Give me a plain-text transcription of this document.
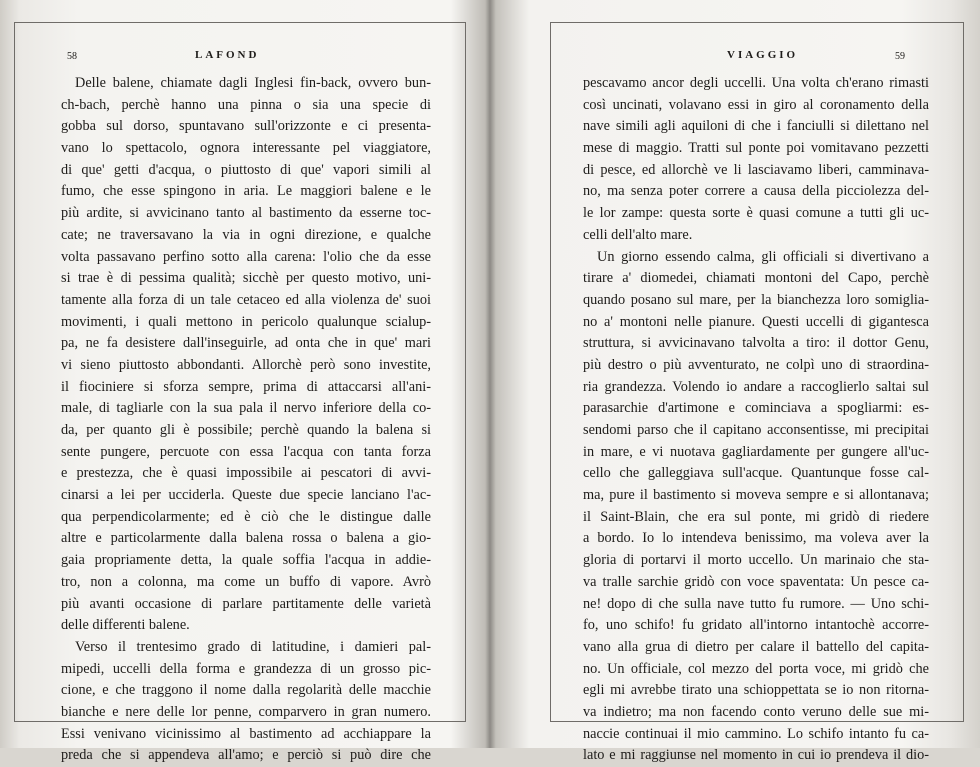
58	LAFOND
Delle balene, chiamate dagli Inglesi fin-back, ovvero bun-
ch-bach, perchè hanno una pinna o sia una specie di
gobba sul dorso, spuntavano sull'orizzonte e ci presenta-
vano lo spettacolo, ognora interessante pel viaggiatore,
di que' getti d'acqua, o piuttosto di que' vapori simili al
fumo, che esse spingono in aria. Le maggiori balene e le
più ardite, si avvicinano tanto al bastimento da esserne toc-
cate; ne traversavano la via in ogni direzione, e qualche
volta passavano perfino sotto alla carena: l'olio che da esse
si trae è di pessima qualità; sicchè per questo motivo, uni-
tamente alla forza di un tale cetaceo ed alla violenza de' suoi
movimenti, i quali mettono in pericolo qualunque scialup-
pa, ne fa desistere dall'inseguirle, ad onta che in que' mari
vi sieno piuttosto abbondanti. Allorchè però sono investite,
il fiociniere si sforza sempre, prima di attaccarsi all'ani-
male, di tagliarle con la sua pala il nervo inferiore della co-
da, per quanto gli è possibile; perchè quando la balena si
sente pungere, percuote con essa l'acqua con tanta forza
e prestezza, che è quasi impossibile ai pescatori di avvi-
cinarsi a lei per ucciderla. Queste due specie lanciano l'ac-
qua perpendicolarmente; ed è ciò che le distingue dalle
altre e particolarmente dalla balena rossa o balena a gio-
gaia propriamente detta, la quale soffia l'acqua in addie-
tro, non a colonna, ma come un buffo di vapore. Avrò
più avanti occasione di parlare partitamente delle varietà
delle differenti balene.
Verso il trentesimo grado di latitudine, i damieri pal-
mipedi, uccelli della forma e grandezza di un grosso pic-
cione, e che traggono il nome dalla regolarità delle macchie
bianche e nere delle lor penne, comparvero in gran numero.
Essi venivano vicinissimo al bastimento ad acchiappare la
preda che si appendeva all'amo; e perciò si può dire che
VIAGGIO	59
pescavamo ancor degli uccelli. Una volta ch'erano rimasti
così uncinati, volavano essi in giro al coronamento della
nave simili agli aquiloni di che i fanciulli si dilettano nel
mese di maggio. Tratti sul ponte poi vomitavano pezzetti
di pesce, ed allorchè ve li lasciavamo liberi, camminava-
no, ma senza poter correre a causa della picciolezza del-
le lor zampe: questa sorte è quasi comune a tutti gli uc-
celli dell'alto mare.
Un giorno essendo calma, gli officiali si divertivano a
tirare a' diomedei, chiamati montoni del Capo, perchè
quando posano sul mare, per la bianchezza loro somiglia-
no a' montoni nelle pianure. Questi uccelli di gigantesca
struttura, si avvicinavano talvolta a tiro: il dottor Genu,
più destro o più avventurato, ne colpì uno di straordina-
ria grandezza. Volendo io andare a raccoglierlo saltai sul
parasarchie d'artimone e cominciava a spogliarmi: es-
sendomi parso che il capitano acconsentisse, mi precipitai
in mare, e vi nuotava gagliardamente per gungere all'uc-
cello che galleggiava sull'acque. Quantunque fosse cal-
ma, pure il bastimento si moveva sempre e si allontanava;
il Saint-Blain, che era sul ponte, mi gridò di riedere
a bordo. Io lo intendeva benissimo, ma voleva aver la
gloria di portarvi il morto uccello. Un marinaio che sta-
va tralle sarchie gridò con voce spaventata: Un pesce ca-
ne! dopo di che sulla nave tutto fu rumore. — Uno schi-
fo, uno schifo! fu gridato all'intorno intantochè accorre-
vano alla grua di dietro per calare il battello del capita-
no. Un officiale, col mezzo del porta voce, mi gridò che
egli mi avrebbe tirato una schioppettata se io non ritorna-
va indietro; ma non facendo conto veruno delle sue mi-
naccie continuai il mio cammino. Lo schifo intanto fu ca-
lato e mi raggiunse nel momento in cui io prendeva il dio-
